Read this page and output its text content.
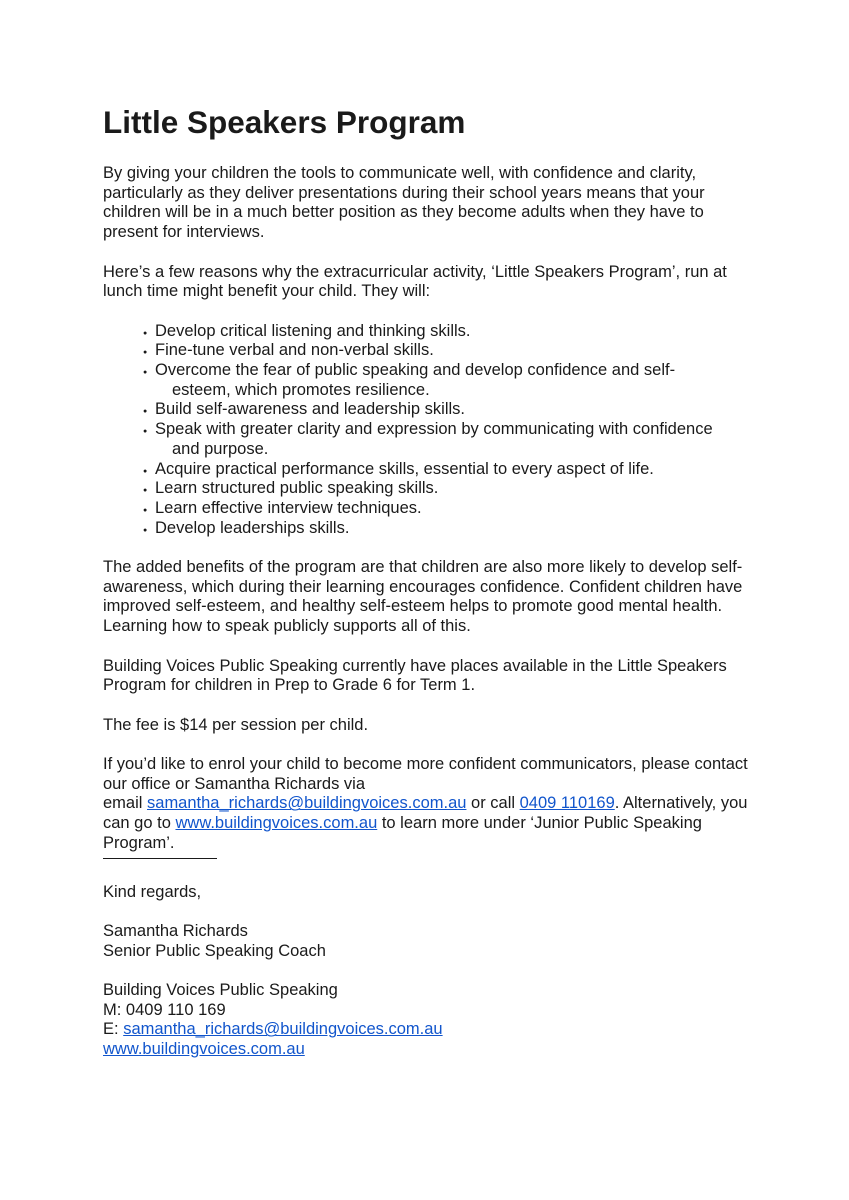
Little Speakers Program

By giving your children the tools to communicate well, with confidence and clarity, particularly as they deliver presentations during their school years means that your children will be in a much better position as they become adults when they have to present for interviews.

Here’s a few reasons why the extracurricular activity, ‘Little Speakers Program’, run at lunch time might benefit your child. They will:

● Develop critical listening and thinking skills.
● Fine-tune verbal and non-verbal skills.
● Overcome the fear of public speaking and develop confidence and self-
esteem, which promotes resilience.
● Build self-awareness and leadership skills.
● Speak with greater clarity and expression by communicating with confidence
and purpose.
● Acquire practical performance skills, essential to every aspect of life.
● Learn structured public speaking skills.
● Learn effective interview techniques.
● Develop leaderships skills.

The added benefits of the program are that children are also more likely to develop self-awareness, which during their learning encourages confidence. Confident children have improved self-esteem, and healthy self-esteem helps to promote good mental health. Learning how to speak publicly supports all of this.

Building Voices Public Speaking currently have places available in the Little Speakers Program for children in Prep to Grade 6 for Term 1.

The fee is $14 per session per child.

If you’d like to enrol your child to become more confident communicators, please contact our office or Samantha Richards via
email samantha_richards@buildingvoices.com.au or call 0409 110169. Alternatively, you can go to www.buildingvoices.com.au to learn more under ‘Junior Public Speaking Program’.

Kind regards,

Samantha Richards
Senior Public Speaking Coach

Building Voices Public Speaking
M: 0409 110 169
E: samantha_richards@buildingvoices.com.au
www.buildingvoices.com.au
